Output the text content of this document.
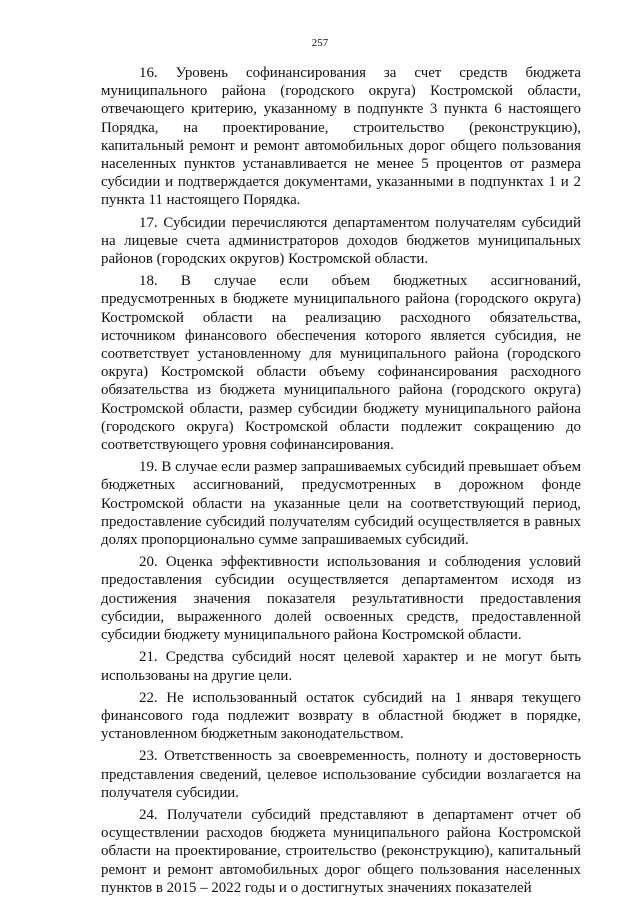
257

16. Уровень софинансирования за счет средств бюджета муниципального района (городского округа) Костромской области, отвечающего критерию, указанному в подпункте 3 пункта 6 настоящего Порядка, на проектирование, строительство (реконструкцию), капитальный ремонт и ремонт автомобильных дорог общего пользования населенных пунктов устанавливается не менее 5 процентов от размера субсидии и подтверждается документами, указанными в подпунктах 1 и 2 пункта 11 настоящего Порядка.

17. Субсидии перечисляются департаментом получателям субсидий на лицевые счета администраторов доходов бюджетов муниципальных районов (городских округов) Костромской области.

18. В случае если объем бюджетных ассигнований, предусмотренных в бюджете муниципального района (городского округа) Костромской области на реализацию расходного обязательства, источником финансового обеспечения которого является субсидия, не соответствует установленному для муниципального района (городского округа) Костромской области объему софинансирования расходного обязательства из бюджета муниципального района (городского округа) Костромской области, размер субсидии бюджету муниципального района (городского округа) Костромской области подлежит сокращению до соответствующего уровня софинансирования.

19. В случае если размер запрашиваемых субсидий превышает объем бюджетных ассигнований, предусмотренных в дорожном фонде Костромской области на указанные цели на соответствующий период, предоставление субсидий получателям субсидий осуществляется в равных долях пропорционально сумме запрашиваемых субсидий.

20. Оценка эффективности использования и соблюдения условий предоставления субсидии осуществляется департаментом исходя из достижения значения показателя результативности предоставления субсидии, выраженного долей освоенных средств, предоставленной субсидии бюджету муниципального района Костромской области.

21. Средства субсидий носят целевой характер и не могут быть использованы на другие цели.

22. Не использованный остаток субсидий на 1 января текущего финансового года подлежит возврату в областной бюджет в порядке, установленном бюджетным законодательством.

23. Ответственность за своевременность, полноту и достоверность представления сведений, целевое использование субсидии возлагается на получателя субсидии.

24. Получатели субсидий представляют в департамент отчет об осуществлении расходов бюджета муниципального района Костромской области на проектирование, строительство (реконструкцию), капитальный ремонт и ремонт автомобильных дорог общего пользования населенных пунктов в 2015 – 2022 годы и о достигнутых значениях показателей
